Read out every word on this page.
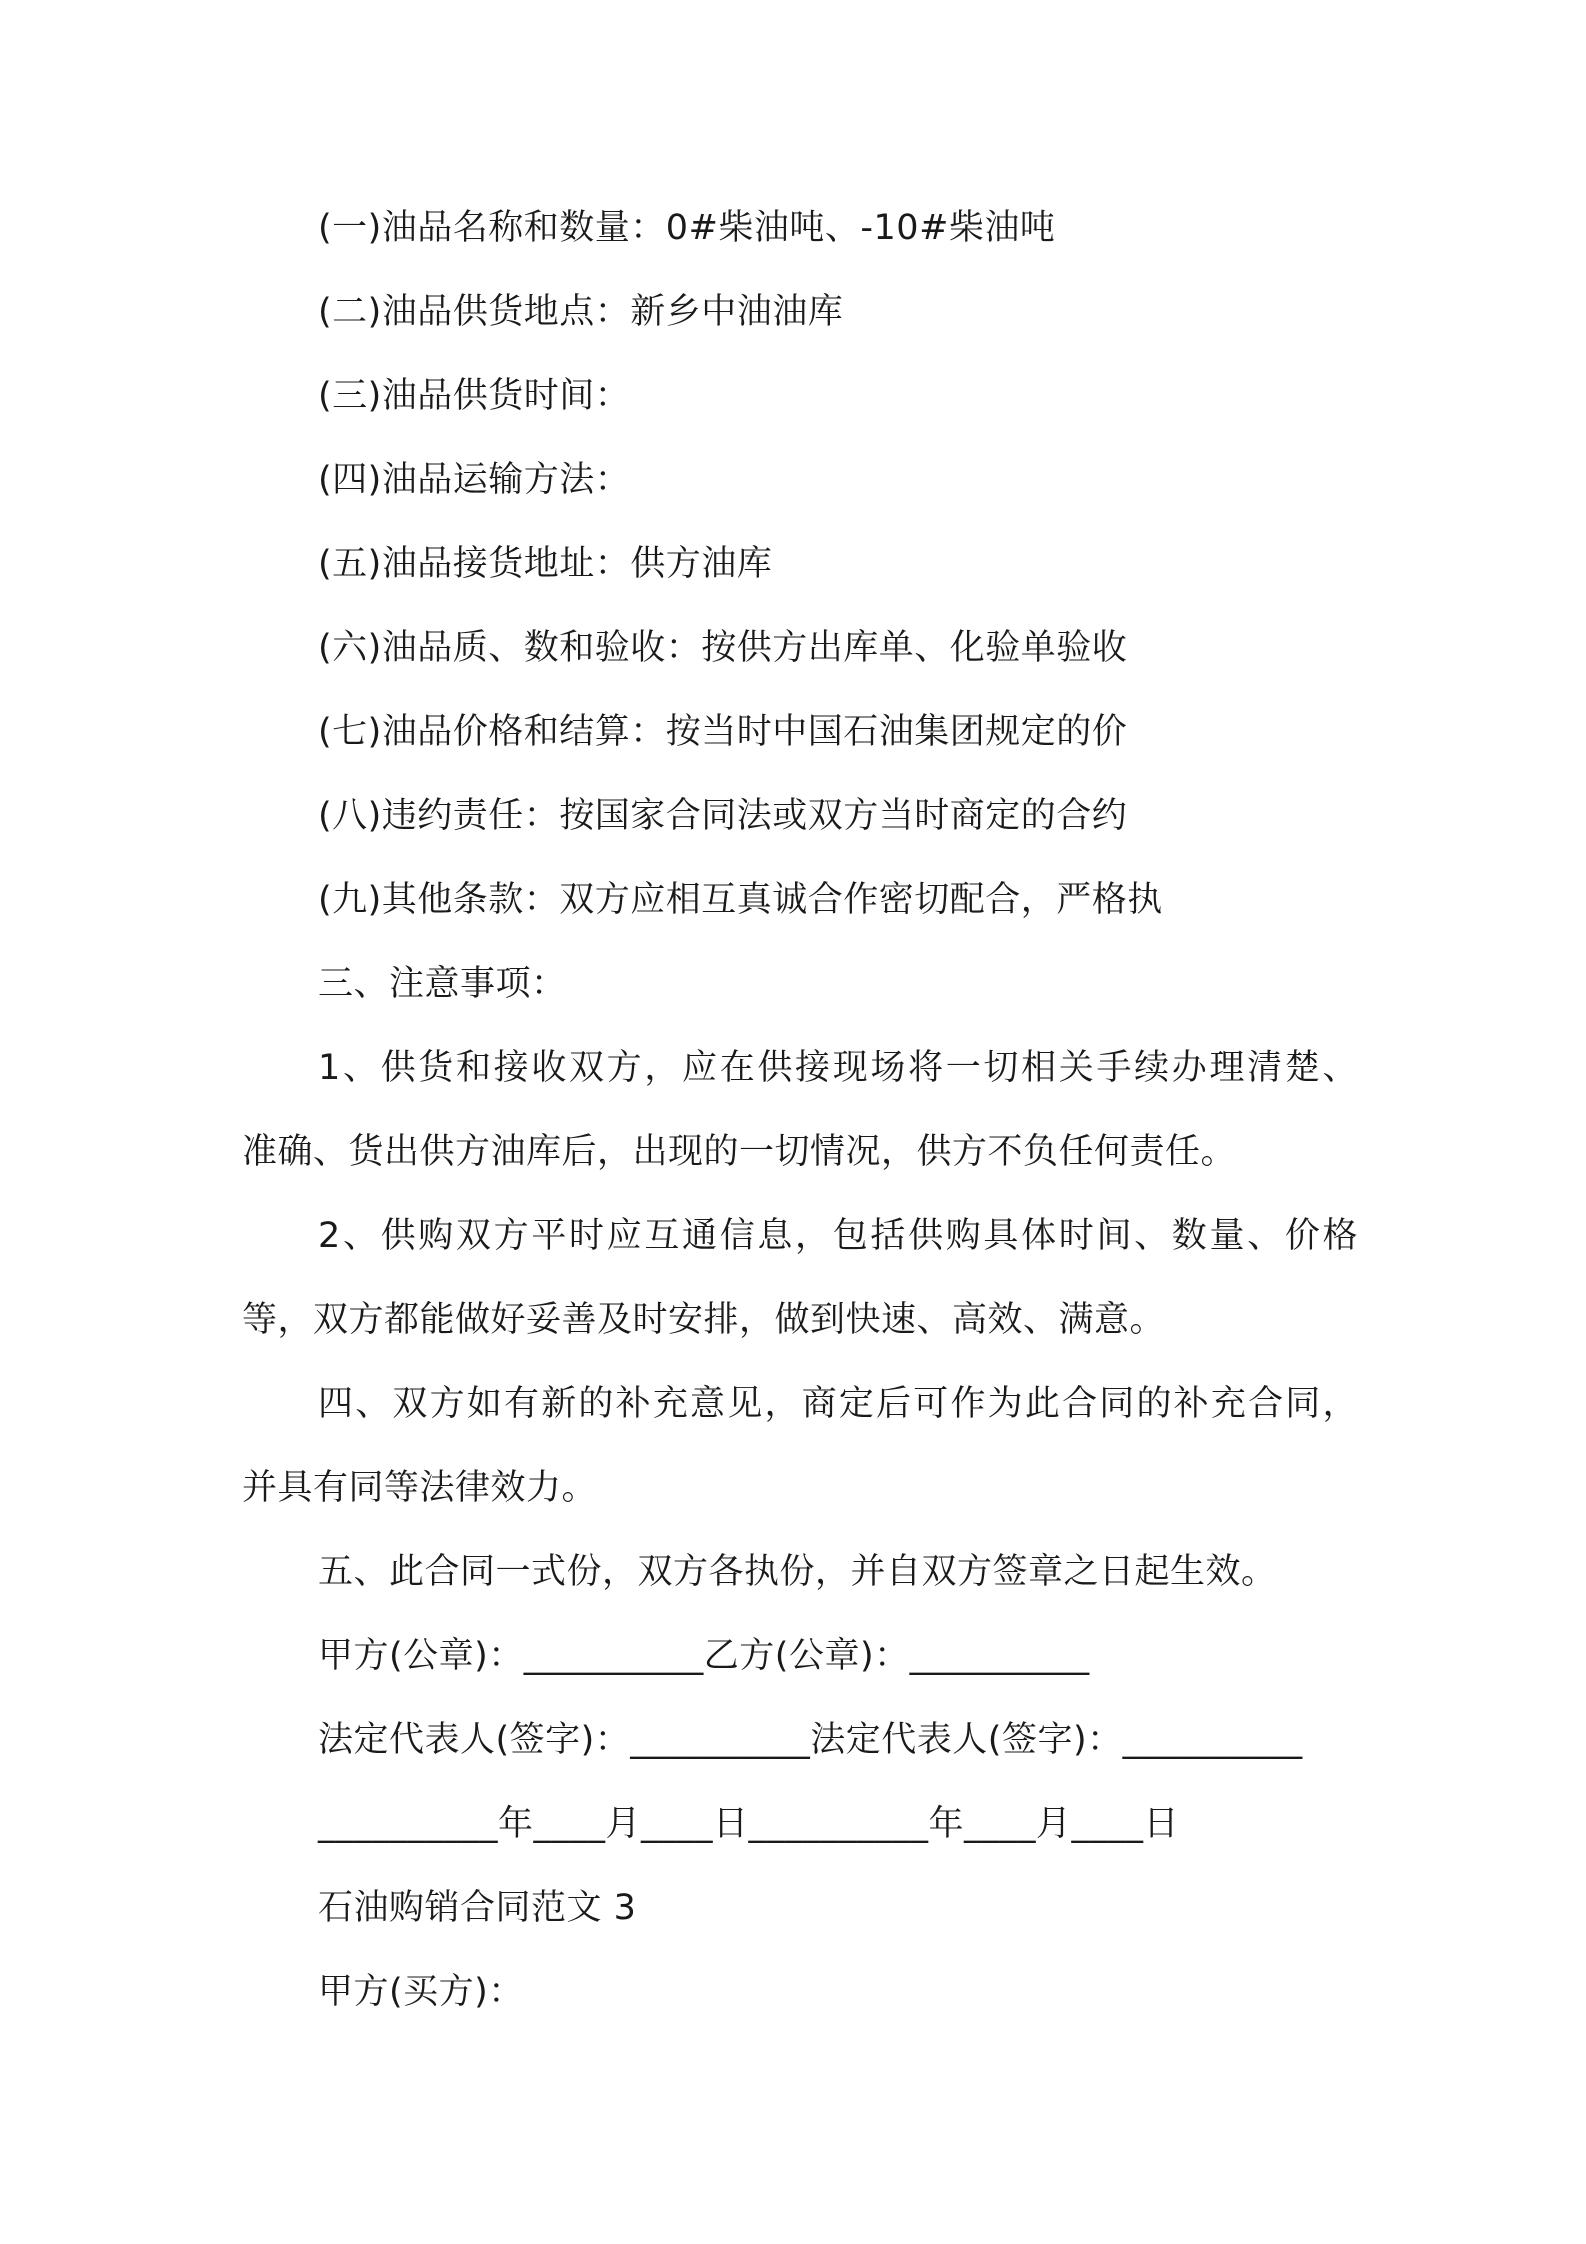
(一)油品名称和数量：0#柴油吨、-10#柴油吨
(二)油品供货地点：新乡中油油库
(三)油品供货时间：
(四)油品运输方法：
(五)油品接货地址：供方油库
(六)油品质、数和验收：按供方出库单、化验单验收
(七)油品价格和结算：按当时中国石油集团规定的价
(八)违约责任：按国家合同法或双方当时商定的合约
(九)其他条款：双方应相互真诚合作密切配合，严格执
三、注意事项：
1、供货和接收双方，应在供接现场将一切相关手续办理清楚、
准确、货出供方油库后，出现的一切情况，供方不负任何责任。
2、供购双方平时应互通信息，包括供购具体时间、数量、价格
等，双方都能做好妥善及时安排，做到快速、高效、满意。
四、双方如有新的补充意见，商定后可作为此合同的补充合同，
并具有同等法律效力。
五、此合同一式份，双方各执份，并自双方签章之日起生效。
甲方(公章)：__________乙方(公章)：__________
法定代表人(签字)：__________法定代表人(签字)：__________
__________年____月____日__________年____月____日
石油购销合同范文 3
甲方(买方)：
